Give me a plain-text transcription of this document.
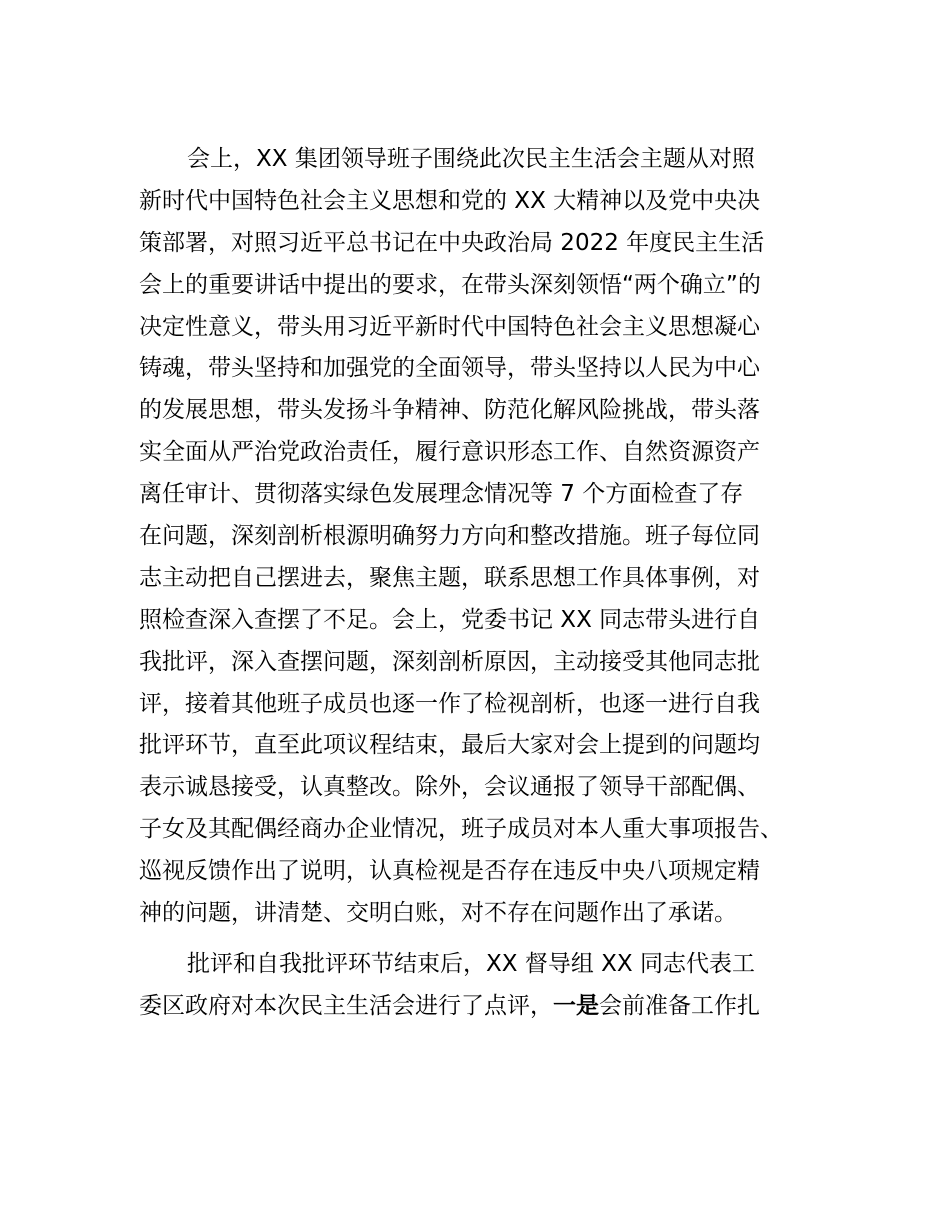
会上，XX 集团领导班子围绕此次民主生活会主题从对照
新时代中国特色社会主义思想和党的 XX 大精神以及党中央决
策部署，对照习近平总书记在中央政治局 2022 年度民主生活
会上的重要讲话中提出的要求，在带头深刻领悟“两个确立”的
决定性意义，带头用习近平新时代中国特色社会主义思想凝心
铸魂，带头坚持和加强党的全面领导，带头坚持以人民为中心
的发展思想，带头发扬斗争精神、防范化解风险挑战，带头落
实全面从严治党政治责任，履行意识形态工作、自然资源资产
离任审计、贯彻落实绿色发展理念情况等 7 个方面检查了存
在问题，深刻剖析根源明确努力方向和整改措施。班子每位同
志主动把自己摆进去，聚焦主题，联系思想工作具体事例，对
照检查深入查摆了不足。会上，党委书记 XX 同志带头进行自
我批评，深入查摆问题，深刻剖析原因，主动接受其他同志批
评，接着其他班子成员也逐一作了检视剖析，也逐一进行自我
批评环节，直至此项议程结束，最后大家对会上提到的问题均
表示诚恳接受，认真整改。除外，会议通报了领导干部配偶、
子女及其配偶经商办企业情况，班子成员对本人重大事项报告、
巡视反馈作出了说明，认真检视是否存在违反中央八项规定精
神的问题，讲清楚、交明白账，对不存在问题作出了承诺。

批评和自我批评环节结束后，XX 督导组 XX 同志代表工
委区政府对本次民主生活会进行了点评，一是会前准备工作扎
